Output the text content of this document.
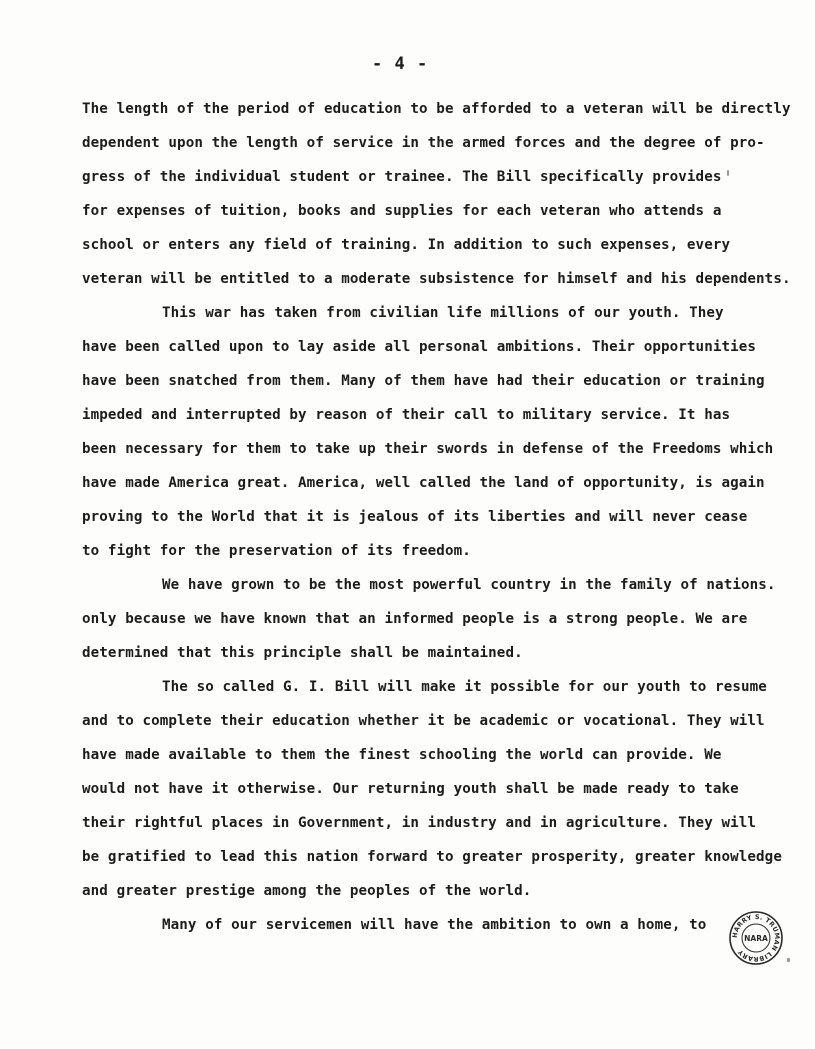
- 4 -
The length of the period of education to be afforded to a veteran will be directly
dependent upon the length of service in the armed forces and the degree of pro-
gress of the individual student or trainee. The Bill specifically provides
for expenses of tuition, books and supplies for each veteran who attends a
school or enters any field of training. In addition to such expenses, every
veteran will be entitled to a moderate subsistence for himself and his dependents.
This war has taken from civilian life millions of our youth. They
have been called upon to lay aside all personal ambitions. Their opportunities
have been snatched from them. Many of them have had their education or training
impeded and interrupted by reason of their call to military service. It has
been necessary for them to take up their swords in defense of the Freedoms which
have made America great. America, well called the land of opportunity, is again
proving to the World that it is jealous of its liberties and will never cease
to fight for the preservation of its freedom.
We have grown to be the most powerful country in the family of nations.
only because we have known that an informed people is a strong people. We are
determined that this principle shall be maintained.
The so called G. I. Bill will make it possible for our youth to resume
and to complete their education whether it be academic or vocational. They will
have made available to them the finest schooling the world can provide. We
would not have it otherwise. Our returning youth shall be made ready to take
their rightful places in Government, in industry and in agriculture. They will
be gratified to lead this nation forward to greater prosperity, greater knowledge
and greater prestige among the peoples of the world.
Many of our servicemen will have the ambition to own a home, to
HARRY S. TRUMAN LIBRARY
NARA
